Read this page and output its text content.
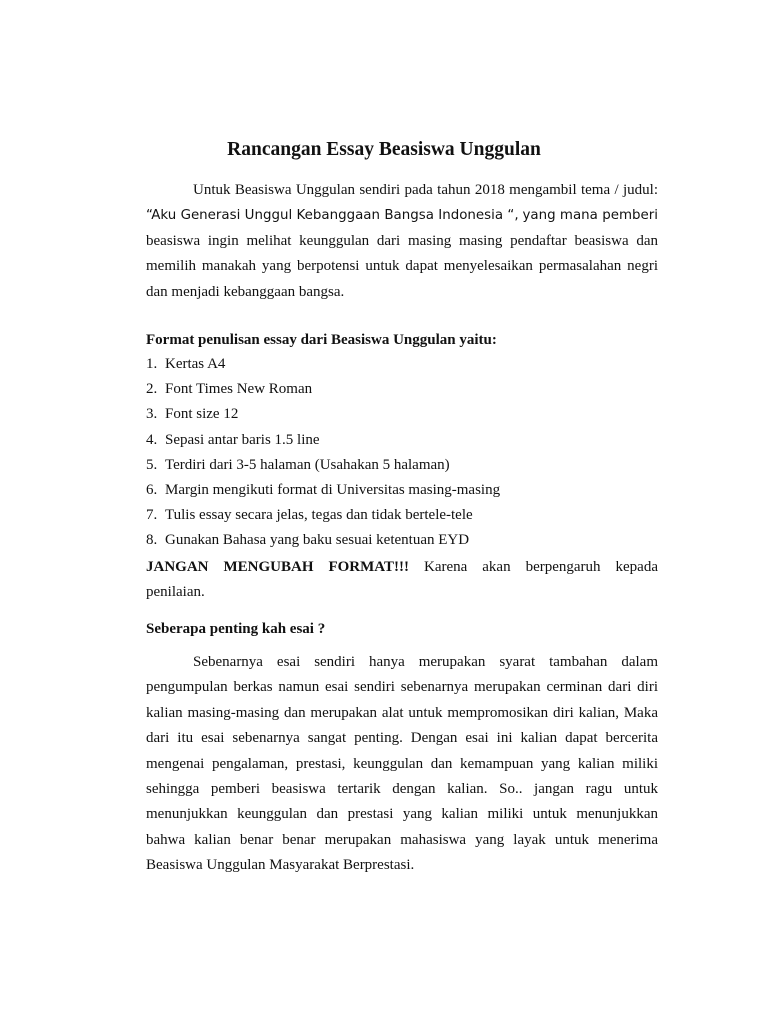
Rancangan Essay Beasiswa Unggulan
Untuk Beasiswa Unggulan sendiri pada tahun 2018 mengambil tema / judul:
“Aku Generasi Unggul Kebanggaan Bangsa Indonesia “, yang mana pemberi
beasiswa ingin melihat keunggulan dari masing masing pendaftar beasiswa dan
memilih manakah yang berpotensi untuk dapat menyelesaikan permasalahan negri
dan menjadi kebanggaan bangsa.

Format penulisan essay dari Beasiswa Unggulan yaitu:

1. Kertas A4
2. Font Times New Roman
3. Font size 12
4. Sepasi antar baris 1.5 line
5. Terdiri dari 3-5 halaman (Usahakan 5 halaman)
6. Margin mengikuti format di Universitas masing-masing
7. Tulis essay secara jelas, tegas dan tidak bertele-tele
8. Gunakan Bahasa yang baku sesuai ketentuan EYD
JANGAN MENGUBAH FORMAT!!! Karena akan berpengaruh kepada
penilaian.

Seberapa penting kah esai ?

Sebenarnya esai sendiri hanya merupakan syarat tambahan dalam
pengumpulan berkas namun esai sendiri sebenarnya merupakan cerminan dari diri
kalian masing-masing dan merupakan alat untuk mempromosikan diri kalian, Maka
dari itu esai sebenarnya sangat penting. Dengan esai ini kalian dapat bercerita
mengenai pengalaman, prestasi, keunggulan dan kemampuan yang kalian miliki
sehingga pemberi beasiswa tertarik dengan kalian. So.. jangan ragu untuk
menunjukkan keunggulan dan prestasi yang kalian miliki untuk menunjukkan
bahwa kalian benar benar merupakan mahasiswa yang layak untuk menerima
Beasiswa Unggulan Masyarakat Berprestasi.
